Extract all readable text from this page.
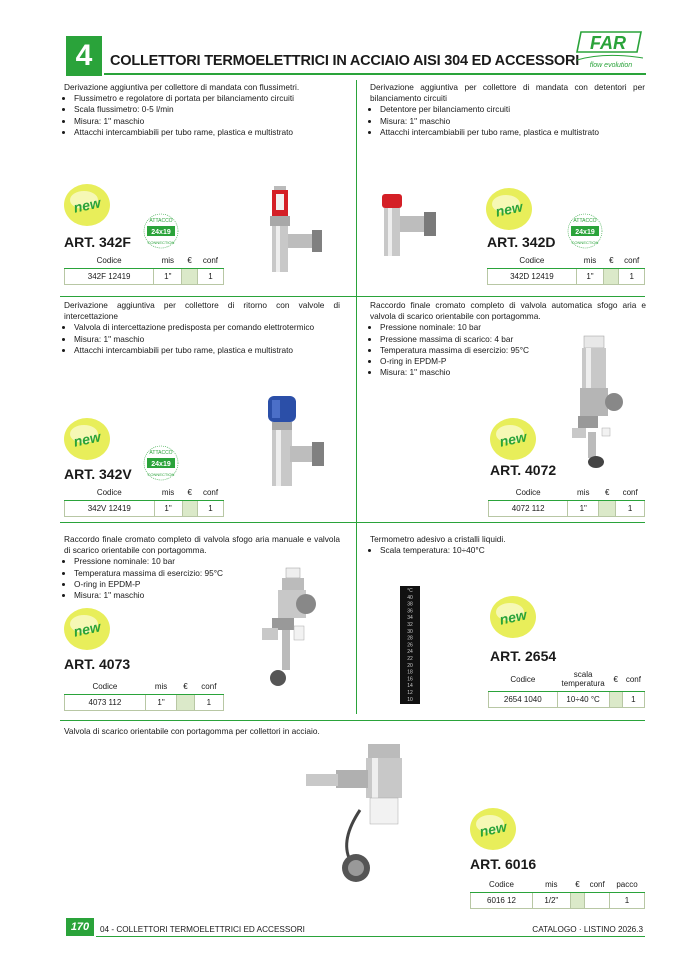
4	COLLETTORI TERMOELETTRICI IN ACCIAIO AISI 304 ED ACCESSORI
FAR
flow evolution
Derivazione aggiuntiva per collettore di mandata con flussimetri.
• Flussimetro e regolatore di portata per bilanciamento circuiti
• Scala flussimetro: 0-5 l/min
• Misura: 1" maschio
• Attacchi intercambiabili per tubo rame, plastica e multistrato
new
24x19
ATTACCO
CONNECTION
ART. 342F
Codice	mis	€	conf
342F 12419	1"		1
Derivazione aggiuntiva per collettore di mandata con detentori per bilanciamento circuiti
• Detentore per bilanciamento circuiti
• Misura: 1" maschio
• Attacchi intercambiabili per tubo rame, plastica e multistrato
new
24x19
ATTACCO
CONNECTION
ART. 342D
Codice	mis	€	conf
342D 12419	1"		1
Derivazione aggiuntiva per collettore di ritorno con valvole di intercettazione
• Valvola di intercettazione predisposta per comando elettrotermico
• Misura: 1" maschio
• Attacchi intercambiabili per tubo rame, plastica e multistrato
new
24x19
ATTACCO
CONNECTION
ART. 342V
Codice	mis	€	conf
342V 12419	1"		1
Raccordo finale cromato completo di valvola automatica sfogo aria e valvola di scarico orientabile con portagomma.
• Pressione nominale: 10 bar
• Pressione massima di scarico: 4 bar
• Temperatura massima di esercizio: 95°C
• O-ring in EPDM-P
• Misura: 1" maschio
new
ART. 4072
Codice	mis	€	conf
4072 112	1"		1
Raccordo finale cromato completo di valvola sfogo aria manuale e valvola di scarico orientabile con portagomma.
• Pressione nominale: 10 bar
• Temperatura massima di esercizio: 95°C
• O-ring in EPDM-P
• Misura: 1" maschio
new
ART. 4073
Codice	mis	€	conf
4073 112	1"		1
Termometro adesivo a cristalli liquidi.
• Scala temperatura: 10÷40°C
°C
40
38
36
34
32
30
28
26
24
22
20
18
16
14
12
10
new
ART. 2654
Codice	scala temperatura	€	conf
2654 1040	10÷40 °C		1
Valvola di scarico orientabile con portagomma per collettori in acciaio.
new
ART. 6016
Codice	mis	€	conf	pacco
6016 12	1/2"			1
170	04 - COLLETTORI TERMOELETTRICI ED ACCESSORI	CATALOGO · LISTINO 2026.3
